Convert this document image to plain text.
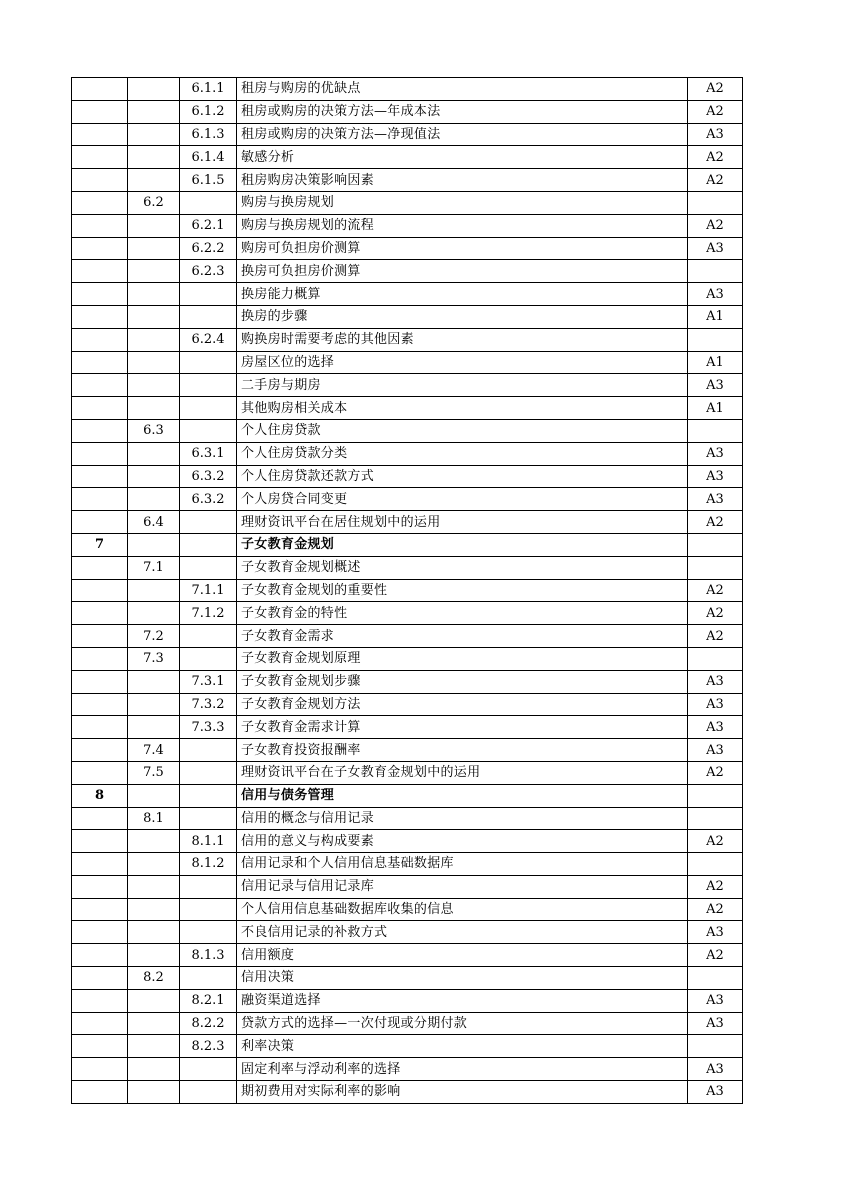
		6.1.1	租房与购房的优缺点	A2
		6.1.2	租房或购房的决策方法—年成本法	A2
		6.1.3	租房或购房的决策方法—净现值法	A3
		6.1.4	敏感分析	A2
		6.1.5	租房购房决策影响因素	A2
	6.2		购房与换房规划	
		6.2.1	购房与换房规划的流程	A2
		6.2.2	购房可负担房价测算	A3
		6.2.3	换房可负担房价测算	
			换房能力概算	A3
			换房的步骤	A1
		6.2.4	购换房时需要考虑的其他因素	
			房屋区位的选择	A1
			二手房与期房	A3
			其他购房相关成本	A1
	6.3		个人住房贷款	
		6.3.1	个人住房贷款分类	A3
		6.3.2	个人住房贷款还款方式	A3
		6.3.2	个人房贷合同变更	A3
	6.4		理财资讯平台在居住规划中的运用	A2
7			子女教育金规划	
	7.1		子女教育金规划概述	
		7.1.1	子女教育金规划的重要性	A2
		7.1.2	子女教育金的特性	A2
	7.2		子女教育金需求	A2
	7.3		子女教育金规划原理	
		7.3.1	子女教育金规划步骤	A3
		7.3.2	子女教育金规划方法	A3
		7.3.3	子女教育金需求计算	A3
	7.4		子女教育投资报酬率	A3
	7.5		理财资讯平台在子女教育金规划中的运用	A2
8			信用与债务管理	
	8.1		信用的概念与信用记录	
		8.1.1	信用的意义与构成要素	A2
		8.1.2	信用记录和个人信用信息基础数据库	
			信用记录与信用记录库	A2
			个人信用信息基础数据库收集的信息	A2
			不良信用记录的补救方式	A3
		8.1.3	信用额度	A2
	8.2		信用决策	
		8.2.1	融资渠道选择	A3
		8.2.2	贷款方式的选择—一次付现或分期付款	A3
		8.2.3	利率决策	
			固定利率与浮动利率的选择	A3
			期初费用对实际利率的影响	A3
